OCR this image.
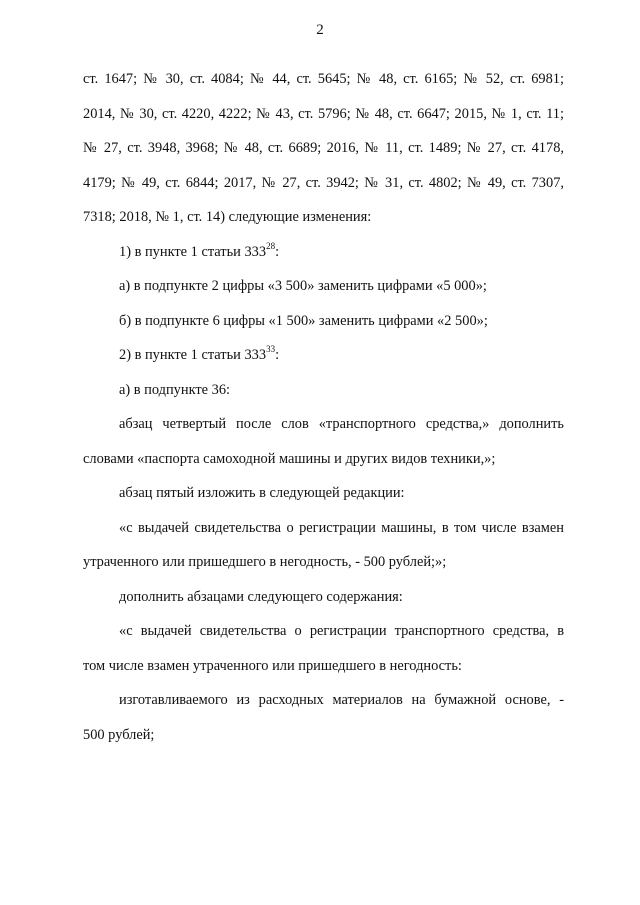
2
ст. 1647; № 30, ст. 4084; № 44, ст. 5645; № 48, ст. 6165; № 52, ст. 6981;
2014, № 30, ст. 4220, 4222; № 43, ст. 5796; № 48, ст. 6647; 2015, № 1, ст. 11;
№ 27, ст. 3948, 3968; № 48, ст. 6689; 2016, № 11, ст. 1489; № 27, ст. 4178,
4179; № 49, ст. 6844; 2017, № 27, ст. 3942; № 31, ст. 4802; № 49, ст. 7307,
7318; 2018, № 1, ст. 14) следующие изменения:
1) в пункте 1 статьи $333^{28}$:
а) в подпункте 2 цифры «3 500» заменить цифрами «5 000»;
б) в подпункте 6 цифры «1 500» заменить цифрами «2 500»;
2) в пункте 1 статьи $333^{33}$:
а) в подпункте 36:
абзац четвертый после слов «транспортного средства,» дополнить
словами «паспорта самоходной машины и других видов техники,»;
абзац пятый изложить в следующей редакции:
«с выдачей свидетельства о регистрации машины, в том числе взамен
утраченного или пришедшего в негодность, - 500 рублей;»;
дополнить абзацами следующего содержания:
«с выдачей свидетельства о регистрации транспортного средства, в
том числе взамен утраченного или пришедшего в негодность:
изготавливаемого из расходных материалов на бумажной основе, -
500 рублей;
